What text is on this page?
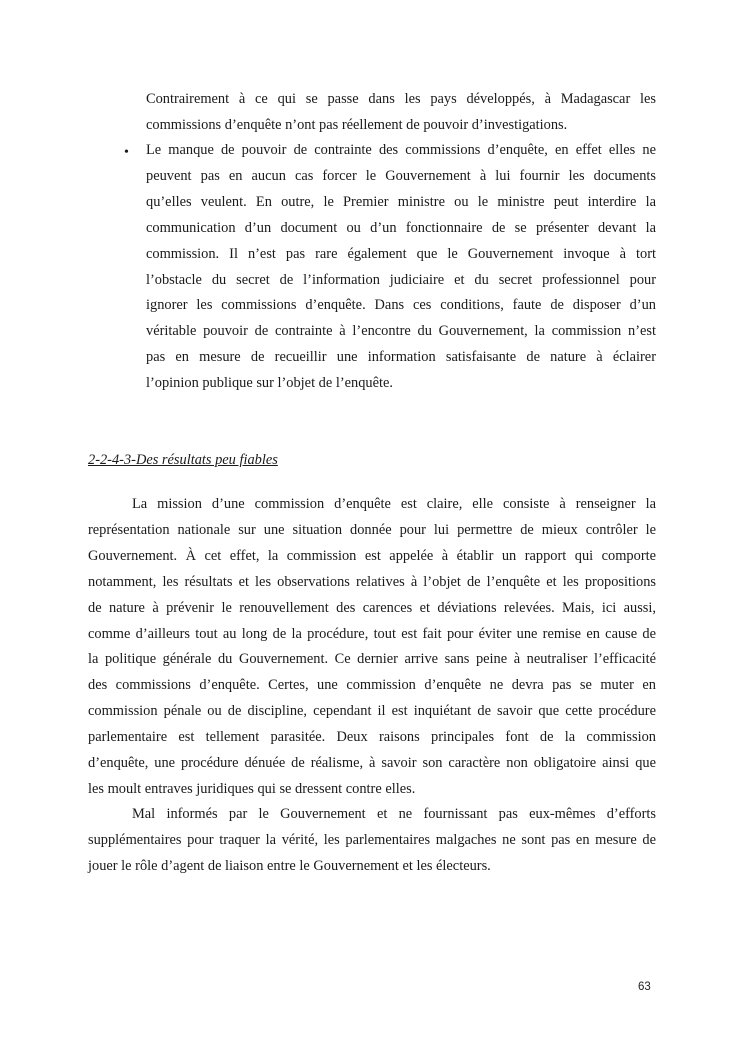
Contrairement à ce qui se passe dans les pays développés, à Madagascar les
commissions d’enquête n’ont pas réellement de pouvoir d’investigations.
• Le manque de pouvoir de contrainte des commissions d’enquête, en effet elles ne
peuvent pas en aucun cas forcer le Gouvernement à lui fournir les documents
qu’elles veulent. En outre, le Premier ministre ou le ministre peut interdire la
communication d’un document ou d’un fonctionnaire de se présenter devant la
commission. Il n’est pas rare également que le Gouvernement invoque à tort
l’obstacle du secret de l’information judiciaire et du secret professionnel pour
ignorer les commissions d’enquête. Dans ces conditions, faute de disposer d’un
véritable pouvoir de contrainte à l’encontre du Gouvernement, la commission n’est
pas en mesure de recueillir une information satisfaisante de nature à éclairer
l’opinion publique sur l’objet de l’enquête.
2-2-4-3-Des résultats peu fiables
La mission d’une commission d’enquête est claire, elle consiste à renseigner la
représentation nationale sur une situation donnée pour lui permettre de mieux contrôler le
Gouvernement. À cet effet, la commission est appelée à établir un rapport qui comporte
notamment, les résultats et les observations relatives à l’objet de l’enquête et les propositions
de nature à prévenir le renouvellement des carences et déviations relevées. Mais, ici aussi,
comme d’ailleurs tout au long de la procédure, tout est fait pour éviter une remise en cause de
la politique générale du Gouvernement. Ce dernier arrive sans peine à neutraliser l’efficacité
des commissions d’enquête. Certes, une commission d’enquête ne devra pas se muter en
commission pénale ou de discipline, cependant il est inquiétant de savoir que cette procédure
parlementaire est tellement parasitée. Deux raisons principales font de la commission
d’enquête, une procédure dénuée de réalisme, à savoir son caractère non obligatoire ainsi que
les moult entraves juridiques qui se dressent contre elles.
Mal informés par le Gouvernement et ne fournissant pas eux-mêmes d’efforts
supplémentaires pour traquer la vérité, les parlementaires malgaches ne sont pas en mesure de
jouer le rôle d’agent de liaison entre le Gouvernement et les électeurs.
63
